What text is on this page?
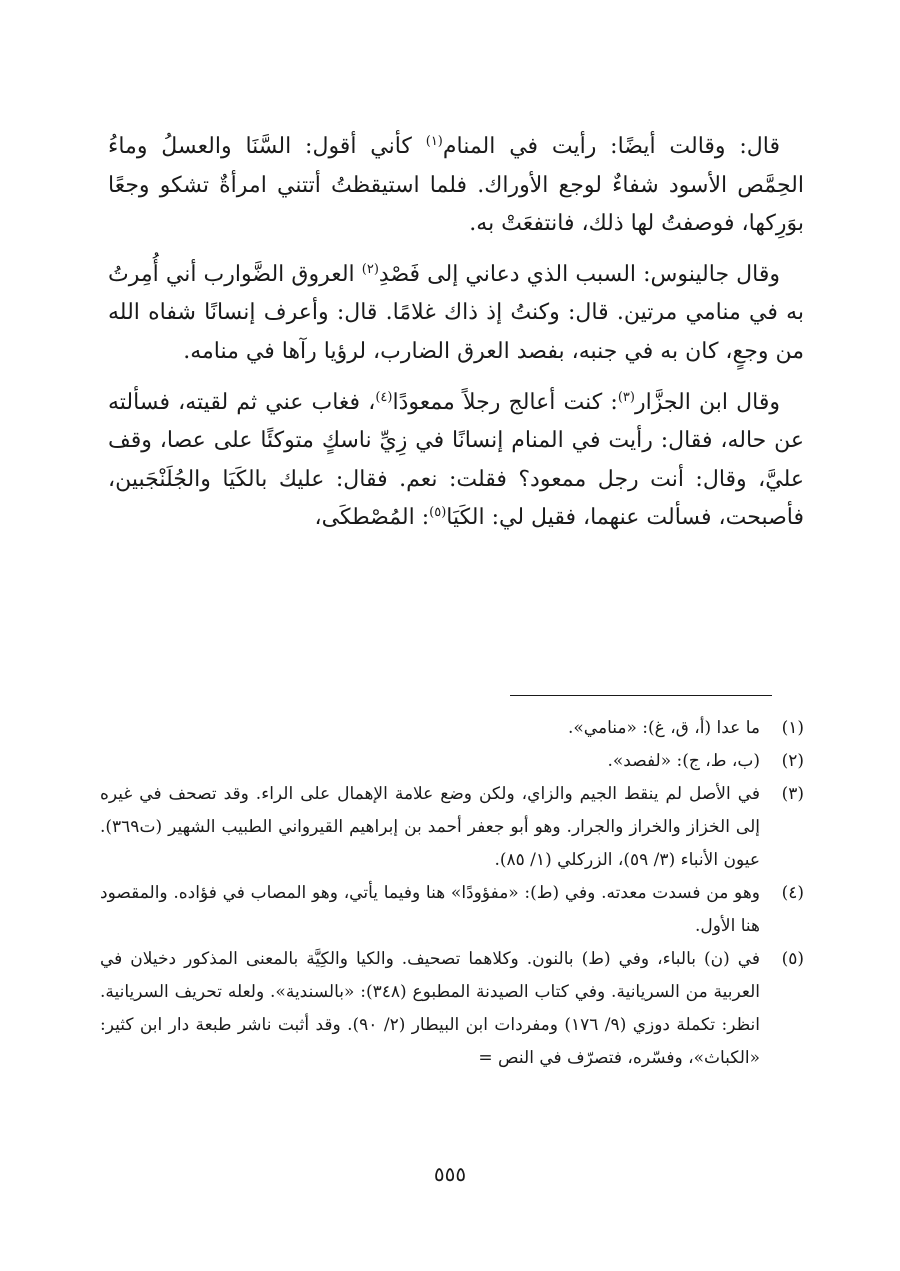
قال: وقالت أيضًا: رأيت في المنام$^{(١)}$ كأني أقول: السَّنَا والعسلُ وماءُ الحِمَّص الأسود شفاءٌ لوجع الأوراك. فلما استيقظتُ أتتني امرأةٌ تشكو وجعًا بوَرِكها، فوصفتُ لها ذلك، فانتفعَتْ به.

وقال جالينوس: السبب الذي دعاني إلى فَصْدِ$^{(٢)}$ العروق الضَّوارب أني أُمِرتُ به في منامي مرتين. قال: وكنتُ إذ ذاك غلامًا. قال: وأعرف إنسانًا شفاه الله من وجعٍ، كان به في جنبه، بفصد العرق الضارب، لرؤيا رآها في منامه.

وقال ابن الجزَّار$^{(٣)}$: كنت أعالج رجلاً ممعودًا$^{(٤)}$، فغاب عني ثم لقيته، فسألته عن حاله، فقال: رأيت في المنام إنسانًا في زِيِّ ناسكٍ متوكئًا على عصا، وقف عليَّ، وقال: أنت رجل ممعود؟ فقلت: نعم. فقال: عليك بالكَيَا والجُلَنْجَبين، فأصبحت، فسألت عنهما، فقيل لي: الكَيَا$^{(٥)}$: المُصْطكَى،

(١)
ما عدا (أ، ق، غ): «منامي».
(٢)
(ب، ط، ج): «لفصد».
(٣)
في الأصل لم ينقط الجيم والزاي، ولكن وضع علامة الإهمال على الراء. وقد تصحف في غيره إلى الخزاز والخراز والجرار. وهو أبو جعفر أحمد بن إبراهيم القيرواني الطبيب الشهير (ت٣٦٩). عيون الأنباء (٣/ ٥٩)، الزركلي (١/ ٨٥).
(٤)
وهو من فسدت معدته. وفي (ط): «مفؤودًا» هنا وفيما يأتي، وهو المصاب في فؤاده. والمقصود هنا الأول.
(٥)
في (ن) بالباء، وفي (ط) بالنون. وكلاهما تصحيف. والكيا والكِيَّة بالمعنى المذكور دخيلان في العربية من السريانية. وفي كتاب الصيدنة المطبوع (٣٤٨): «بالسندية». ولعله تحريف السريانية. انظر: تكملة دوزي (٩/ ١٧٦) ومفردات ابن البيطار (٢/ ٩٠). وقد أثبت ناشر طبعة دار ابن كثير: «الكباث»، وفسّره، فتصرّف في النص =
٥٥٥
